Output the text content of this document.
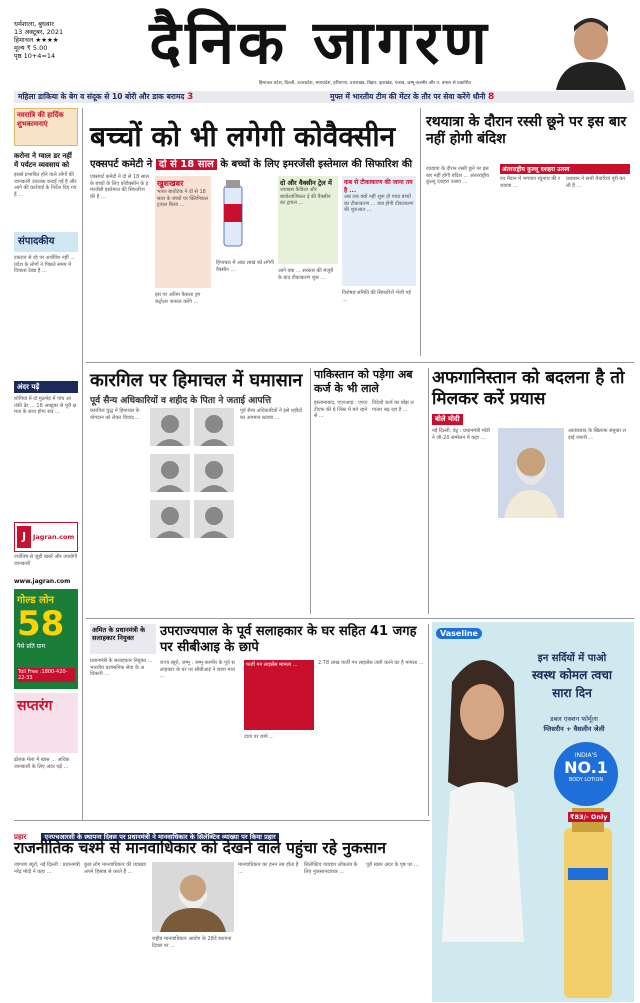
धर्मशाला, बुधवार
13 अक्टूबर, 2021
हिमाचल ★★★★
मूल्य ₹ 5.00
पृष्ठ 10+4=14	दैनिक जागरण
हिमाचल प्रदेश, दिल्ली, उत्तरप्रदेश, मध्यप्रदेश, हरियाणा, उत्तराखंड, बिहार, झारखंड, पंजाब, जम्मू-कश्मीर और प. बंगाल से प्रकाशित
महिला डाकिया के बेग व संदूक से 10 बोरी और डाक बरामद 3	मुफ्त में भारतीय टीम की मेंटर के तौर पर सेवा करेंगे धौनी 8
नवरात्रि की हार्दिक शुभकामनाएं
करोना ने ग्वाल डर नहीं में पर्यटन व्यवसाय को
इससे प्रभावित होने वाले लोगों की जानकारी उपलब्ध कराई गई है और आगे की कार्रवाई के निर्देश दिए गए हैं ...
संपादकीय
टकराव से रहे पर अर्थविंश नहीं ... प्रदेश के लोगों ने पिछले समय में विकास देखा है ...
अंदर पढ़ें
शोपियां में दो मुठभेड़ में पांच आतंकी ढेर ... 18 अक्टूबर से पूरी क्षमता के साथ होगा सत्र ...
J	Jagran.com
ज्योतिष से जुड़ी खबरें और उपयोगी जानकारी
www.jagran.com
गोल्ड लोन
58
पैसे प्रति ग्राम
Toll Free :1800-420-22-33
सप्तरंग
ढोलक मेला में खास ... अधिक जानकारी के लिए अंदर पढ़ें ...
बच्चों को भी लगेगी कोवैक्सीन
एक्सपर्ट कमेटी ने दो से 18 साल के बच्चों के लिए इमरजेंसी इस्तेमाल की सिफारिश की
एक्सपर्ट कमेटी ने दो से 18 साल के बच्चों के लिए कोवैक्सीन के इमरजेंसी इस्तेमाल की सिफारिश की है ...
खुशखबर
भारत बायोटेक ने दो से 18 साल के बच्चों पर क्लिनिकल ट्रायल किया ...
इस पर अंतिम फैसला ड्रग कंट्रोलर जनरल करेंगे ...
हिमाचल में आठ लाख को लगेगी वैक्सीन ...
दो और वैक्सीन ट्रेल में
जायडस कैडिला और बायोलाजिकल ई की वैक्सीन का ट्रायल ...
आगे क्या ... सरकार की मंजूरी के बाद टीकाकरण शुरू ...
कब से टीकाकरण की जाना तय है ...
अब तक क्यों नहीं शुरू हो पाया बच्चों का टीकाकरण ... कब होगी टीकाकरण की शुरुआत ...
विशेषज्ञ समिति की सिफारिशें भेजी गई ...
रथयात्रा के दौरान रस्सी छूने पर इस बार नहीं होगी बंदिश
रथयात्रा के दौरान रस्सी छूने पर इस बार नहीं होगी बंदिश ... अंतरराष्ट्रीय कुल्लू दशहरा उत्सव ...
अंतरराष्ट्रीय कुल्लू दशहरा उत्सव
रथ मैदान में भगवान रघुनाथ की रथयात्रा ...
प्रशासन ने सभी तैयारियां पूरी कर ली हैं ...
कारगिल पर हिमाचल में घमासान
पूर्व सैन्य अधिकारियों व शहीद के पिता ने जताई आपत्ति
कारगिल युद्ध में हिमाचल के योगदान को लेकर विवाद ...
पूर्व सैन्य अधिकारियों ने इसे शहीदों का अपमान बताया ...
पाकिस्तान को पड़ेगा अब कर्ज के भी लाले
इस्लामाबाद, एएनआइ : एफएटीएफ की ग्रे लिस्ट में बने रहने से ...
विदेशी कर्ज का बोझ लगातार बढ़ रहा है ...
अफगानिस्तान को बदलना है तो मिलकर करें प्रयास
बोले मोदी
नई दिल्ली, प्रेट्र : प्रधानमंत्री मोदी ने जी-20 सम्मेलन में कहा ...
आतंकवाद के खिलाफ संयुक्त लड़ाई जरूरी ...
उपराज्यपाल के पूर्व सलाहकार के घर सहित 41 जगह पर सीबीआइ के छापे
अमित के प्रधानमंत्री के सलाहकार नियुक्त
प्रधानमंत्री के सलाहकार नियुक्त ... भारतीय प्रशासनिक सेवा के अधिकारी ...
राज्य ब्यूरो, जम्मू : जम्मू-कश्मीर के पूर्व सलाहकार के घर पर सीबीआइ ने छापा मारा ...
फर्जी गन लाइसेंस मामला ...
दावा पर छापे ...
2.78 लाख फर्जी गन लाइसेंस जारी करने का है मामला ...
Vaseline
इन सर्दियों में पाओ
स्वस्थ कोमल त्वचा
सारा दिन
डबल एक्शन फॉर्मूला
ग्लिसरीन + वैसलीन जेली
INDIA'S
NO.1
BODY LOTION
₹83/- Only
प्रहार	एनएचआरसी के स्थापना दिवस पर प्रधानमंत्री ने मानवाधिकार के सिलेक्टिव व्याख्या पर किया प्रहार
राजनीतिक चश्मे से मानवाधिकार को देखने वाले पहुंचा रहे नुकसान
जागरण ब्यूरो, नई दिल्ली : प्रधानमंत्री नरेंद्र मोदी ने कहा ...
कुछ लोग मानवाधिकार की व्याख्या अपने हिसाब से करते हैं ...
राष्ट्रीय मानवाधिकार आयोग के 28वें स्थापना दिवस पर ...
मानवाधिकार का हनन तब होता है ...
सिलेक्टिव व्यवहार लोकतंत्र के लिए नुकसानदायक ...
पूरी खबर अंदर के पृष्ठ पर ...
